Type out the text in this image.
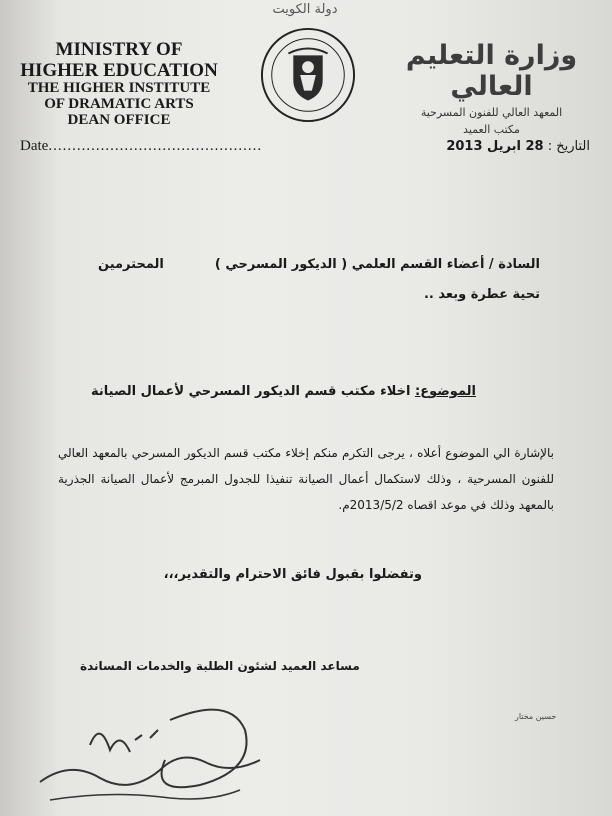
دولة الكويت
MINISTRY OF
HIGHER EDUCATION
THE HIGHER INSTITUTE
OF DRAMATIC ARTS
DEAN OFFICE
وزارة التعليم العالي
المعهد العالي للفنون المسرحية
مكتب العميد
Date.............................................	التاريخ : 28 ابريل 2013
السادة / أعضاء القسم العلمي ( الديكور المسرحي )
المحترمين
تحية عطرة وبعد ..
الموضوع: اخلاء مكتب قسم الديكور المسرحي لأعمال الصيانة
بالإشارة الي الموضوع أعلاه ، يرجى التكرم منكم إخلاء مكتب قسم الديكور المسرحي بالمعهد العالي للفنون المسرحية ، وذلك لاستكمال أعمال الصيانة تنفيذا للجدول المبرمج لأعمال الصيانة الجذرية بالمعهد وذلك في موعد اقصاه 2013/5/2م.
وتفضلوا بقبول فائق الاحترام والتقدير،،،
مساعد العميد لشئون الطلبة والخدمات المساندة
حسين مختار
